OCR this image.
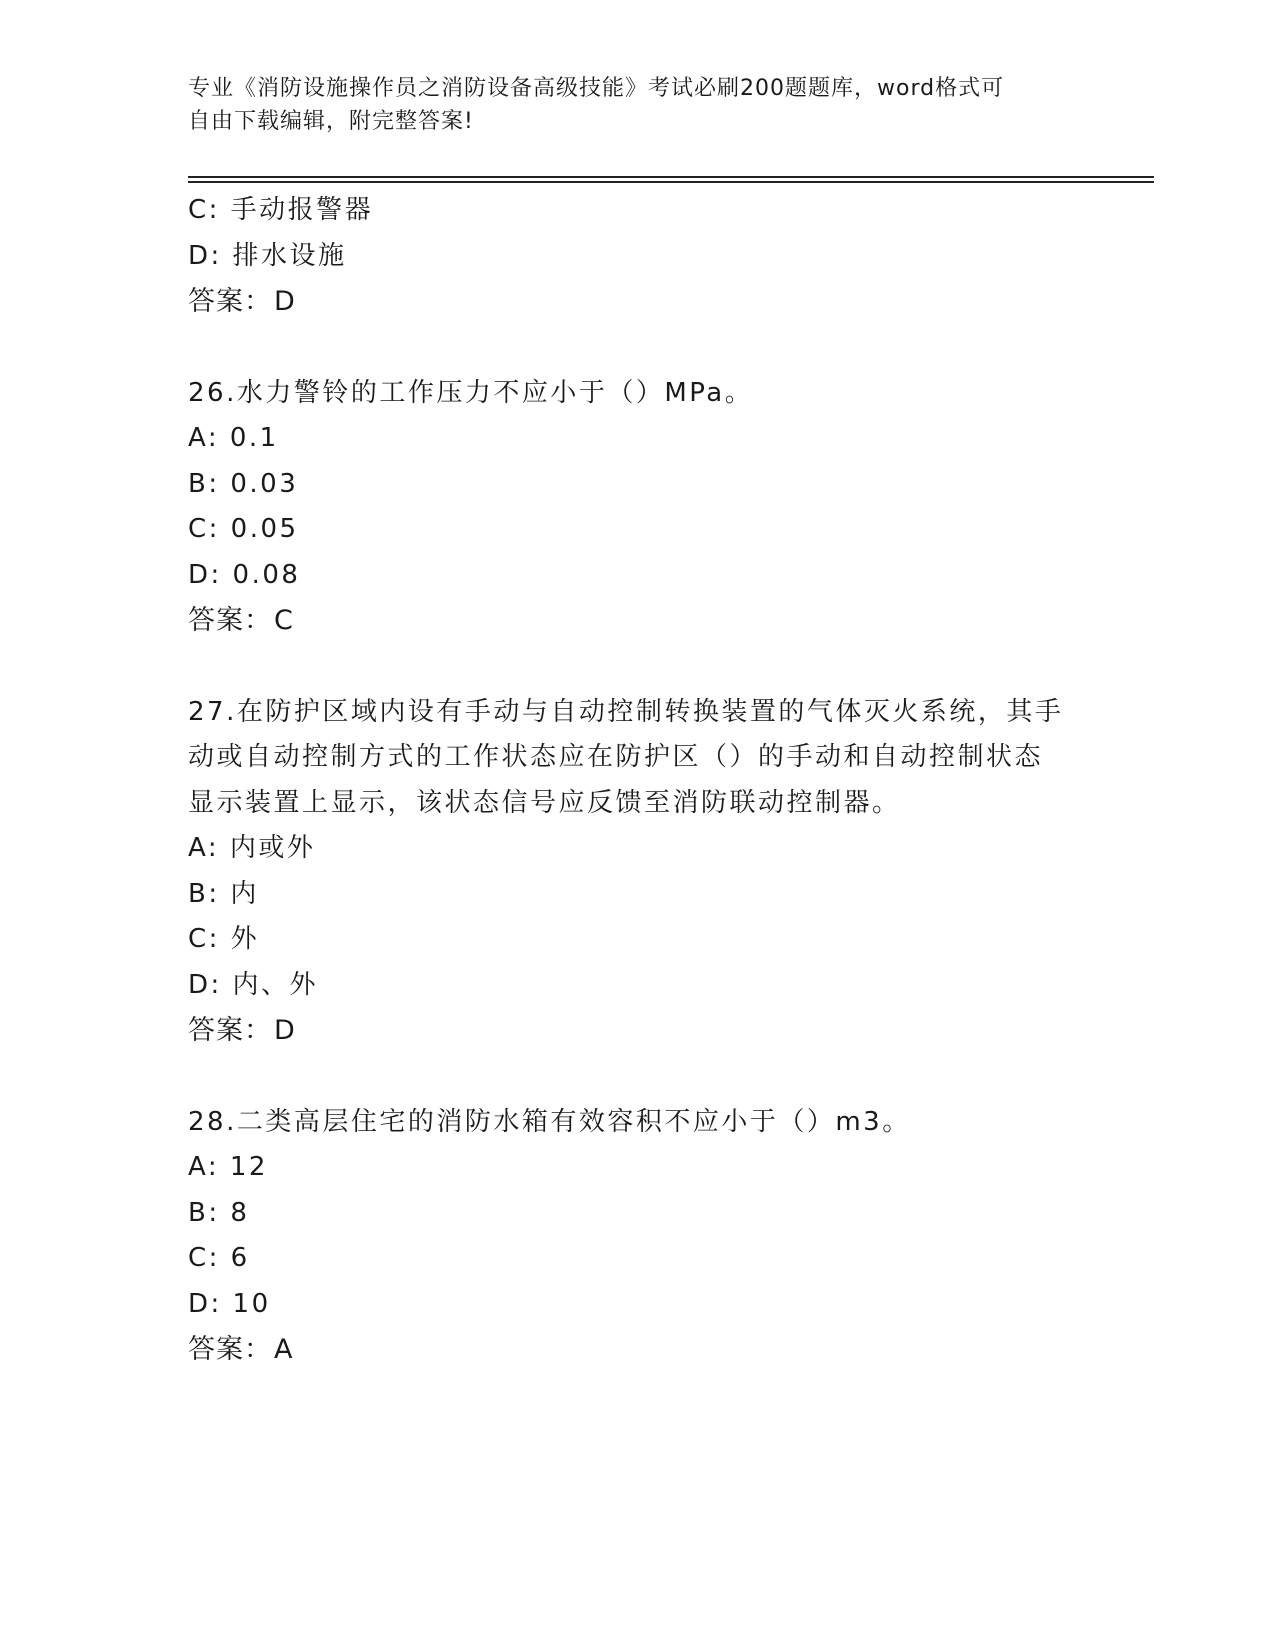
专业《消防设施操作员之消防设备高级技能》考试必刷200题题库，word格式可
自由下载编辑，附完整答案!
C: 手动报警器
D: 排水设施
答案：D
26.水力警铃的工作压力不应小于（）MPa。
A: 0.1
B: 0.03
C: 0.05
D: 0.08
答案：C
27.在防护区域内设有手动与自动控制转换装置的气体灭火系统，其手
动或自动控制方式的工作状态应在防护区（）的手动和自动控制状态
显示装置上显示，该状态信号应反馈至消防联动控制器。
A: 内或外
B: 内
C: 外
D: 内、外
答案：D
28.二类高层住宅的消防水箱有效容积不应小于（）m3。
A: 12
B: 8
C: 6
D: 10
答案：A
